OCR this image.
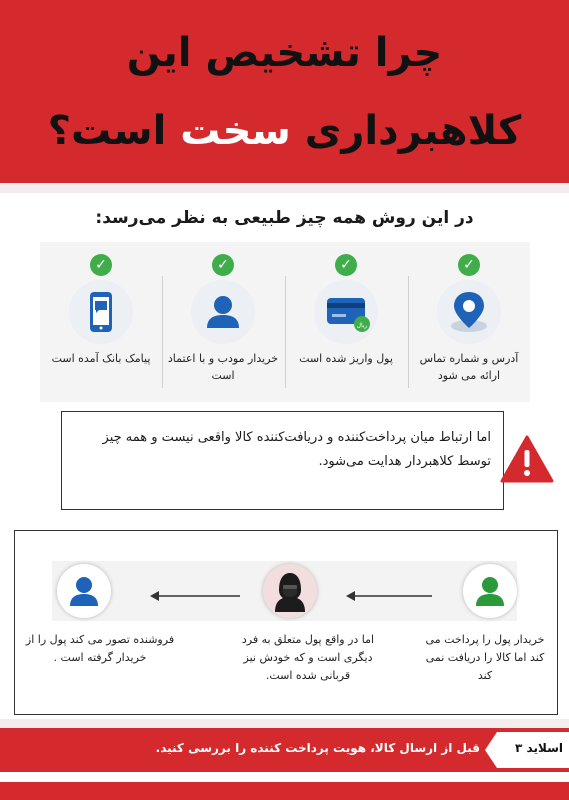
چرا تشخیص این
کلاهبرداری سخت است؟
در این روش همه چیز طبیعی به نظر می‌رسد:
✓
آدرس و شماره تماس ارائه می شود
✓
ریال
پول واریز شده است
✓
خریدار مودب و با اعتماد است
✓
پیامک بانک آمده است
اما ارتباط میان پرداخت‌کننده و دریافت‌کننده کالا واقعی نیست و همه چیز توسط کلاهبردار هدایت می‌شود.
خریدار پول را پرداخت می کند اما کالا را دریافت نمی کند
اما در واقع پول متعلق به فرد دیگری است و که خودش نیز قربانی شده است.
فروشنده تصور می کند پول را از خریدار گرفته است .
اسلاید ۳
قبل از ارسال کالا، هویت پرداخت کننده را بررسی کنید.
